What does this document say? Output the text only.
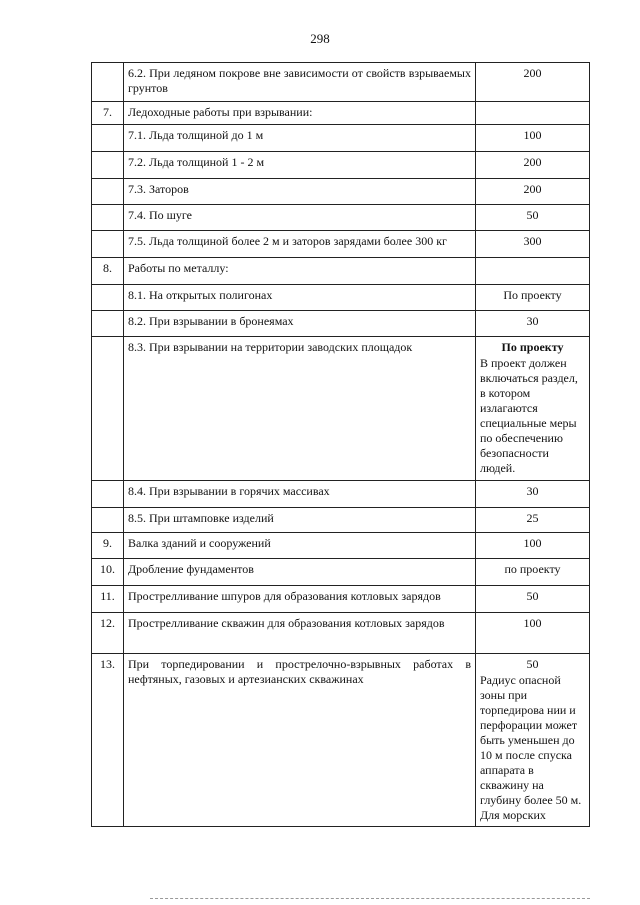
298
	6.2. При ледяном покрове вне зависимости от свойств взрываемых грунтов	200
7.	Ледоходные работы при взрывании:	
	7.1. Льда толщиной до 1 м	100
	7.2. Льда толщиной 1 - 2 м	200
	7.3. Заторов	200
	7.4. По шуге	50
	7.5. Льда толщиной более 2 м и заторов зарядами более 300 кг	300
8.	Работы по металлу:	
	8.1. На открытых полигонах	По проекту
	8.2. При взрывании в бронеямах	30
	8.3. При взрывании на территории заводских площадок	По проекту
В проект должен включаться раздел, в котором излагаются специальные меры по обеспечению безопасности людей.

	8.4. При взрывании в горячих массивах	30
	8.5. При штамповке изделий	25
9.	Валка зданий и сооружений	100
10.	Дробление фундаментов	по проекту
11.	Прострелливание шпуров для образования котловых зарядов	50
12.	Прострелливание скважин для образования котловых зарядов	100
13.	При торпедировании и прострелочно-взрывных работах в нефтяных, газовых и артезианских скважинах	50
Радиус опасной зоны при торпедирова нии и перфорации может быть уменьшен до 10 м после спуска аппарата в скважину на глубину более 50 м. Для морских
